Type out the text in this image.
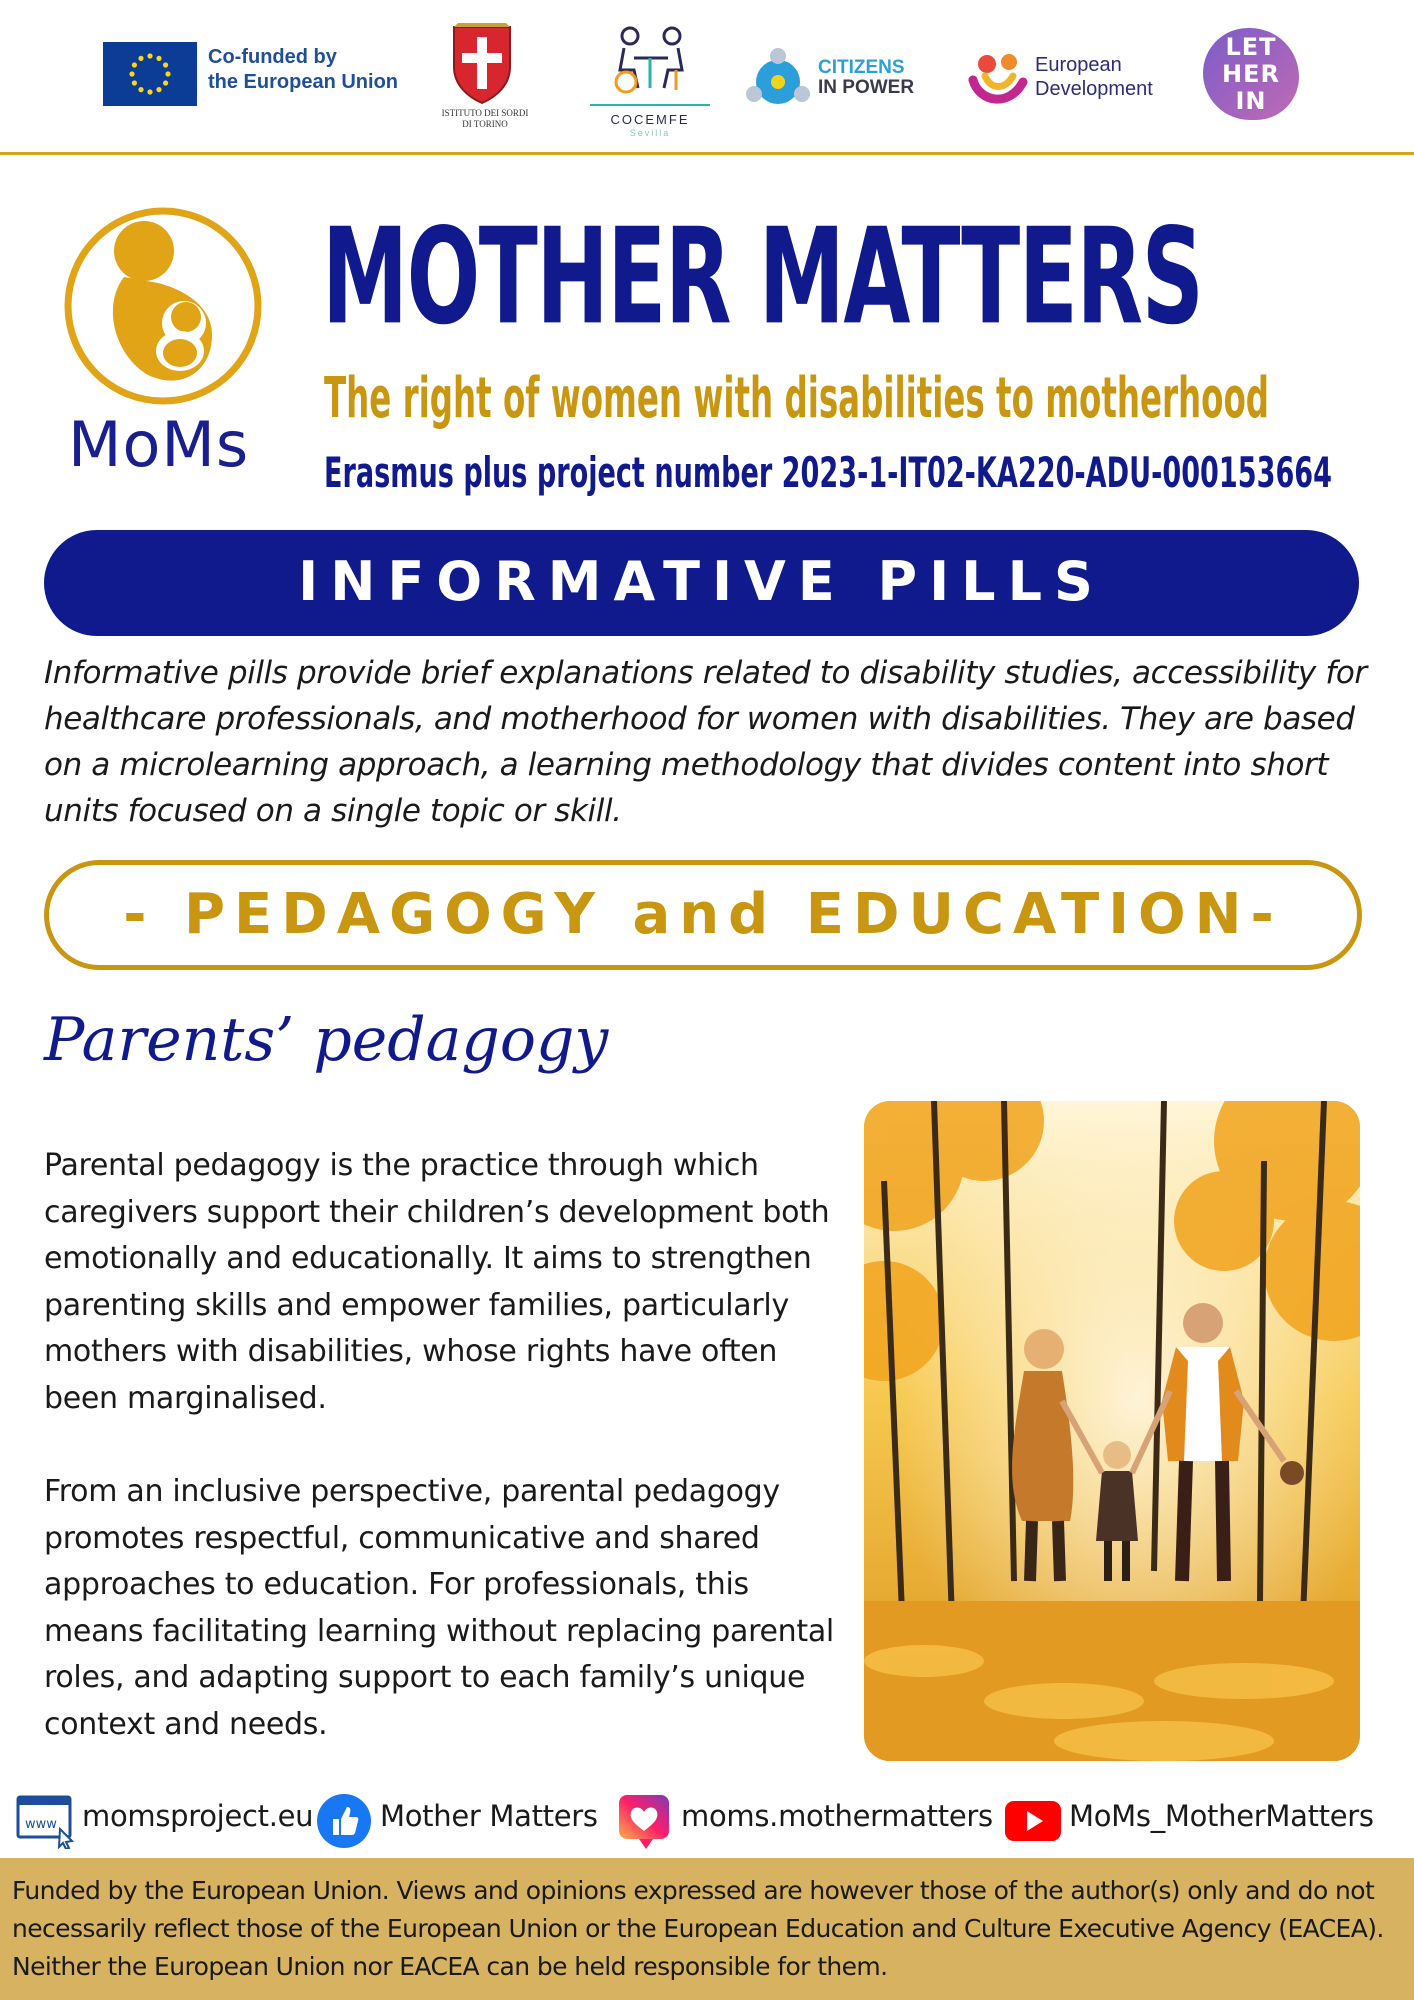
Co-funded by
the European Union
ISTITUTO DEI SORDI
DI TORINO	COCEMFE
Sevilla
CITIZENS
IN POWER
European
Development
LET
HER
IN
MoMs
MOTHER MATTERS
The right of women with disabilities to motherhood
Erasmus plus project number 2023-1-IT02-KA220-ADU-000153664
INFORMATIVE PILLS
Informative pills provide brief explanations related to disability studies, accessibility for healthcare professionals, and motherhood for women with disabilities. They are based on a microlearning approach, a learning methodology that divides content into short units focused on a single topic or skill.
- PEDAGOGY and EDUCATION-
Parents’ pedagogy
Parental pedagogy is the practice through which caregivers support their children’s development both emotionally and educationally. It aims to strengthen parenting skills and empower families, particularly mothers with disabilities, whose rights have often been marginalised.
From an inclusive perspective, parental pedagogy promotes respectful, communicative and shared approaches to education. For professionals, this means facilitating learning without replacing parental roles, and adapting support to each family’s unique context and needs.
www momsproject.eu Mother Matters	moms.mothermatters	MoMs_MotherMatters

Funded by the European Union. Views and opinions expressed are however those of the author(s) only and do not necessarily reflect those of the European Union or the European Education and Culture Executive Agency (EACEA). Neither the European Union nor EACEA can be held responsible for them.
